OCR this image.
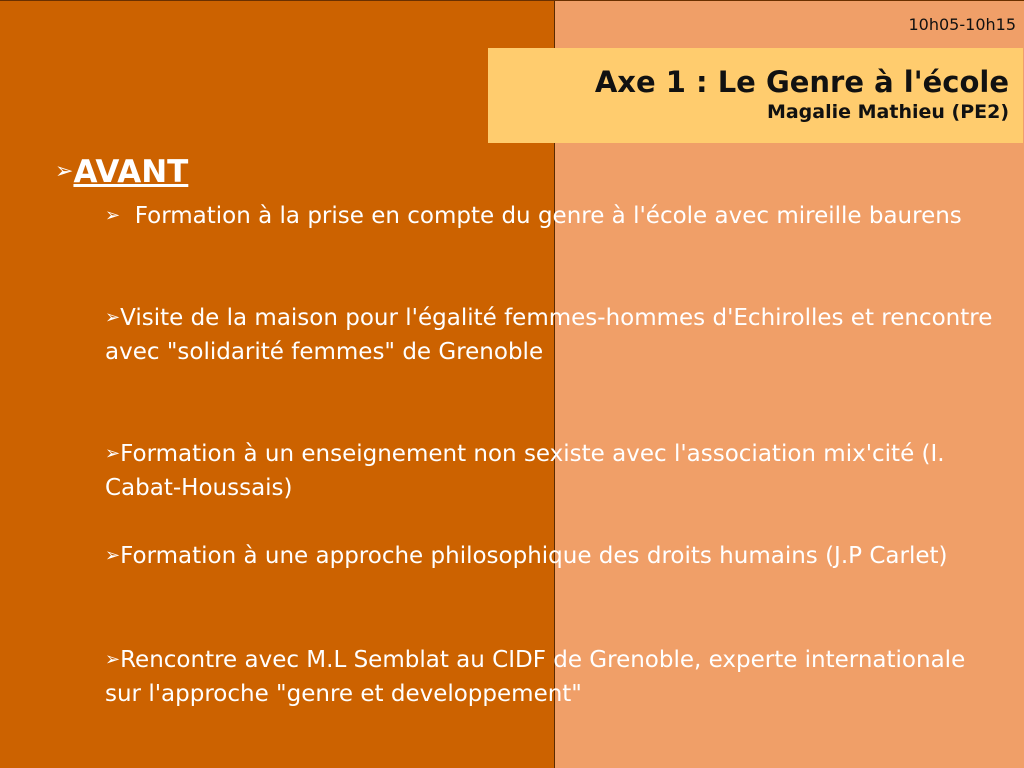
10h05-10h15
Axe 1 : Le Genre à l'école
Magalie Mathieu (PE2)
➢AVANT
➢ Formation à la prise en compte du genre à l'école avec mireille baurens
➢Visite de la maison pour l'égalité femmes-hommes d'Echirolles et rencontre avec "solidarité femmes" de Grenoble
➢Formation à un enseignement non sexiste avec l'association mix'cité (I. Cabat-Houssais)
➢Formation à une approche philosophique des droits humains (J.P Carlet)
➢Rencontre avec M.L Semblat au CIDF de Grenoble, experte internationale sur l'approche "genre et developpement"
